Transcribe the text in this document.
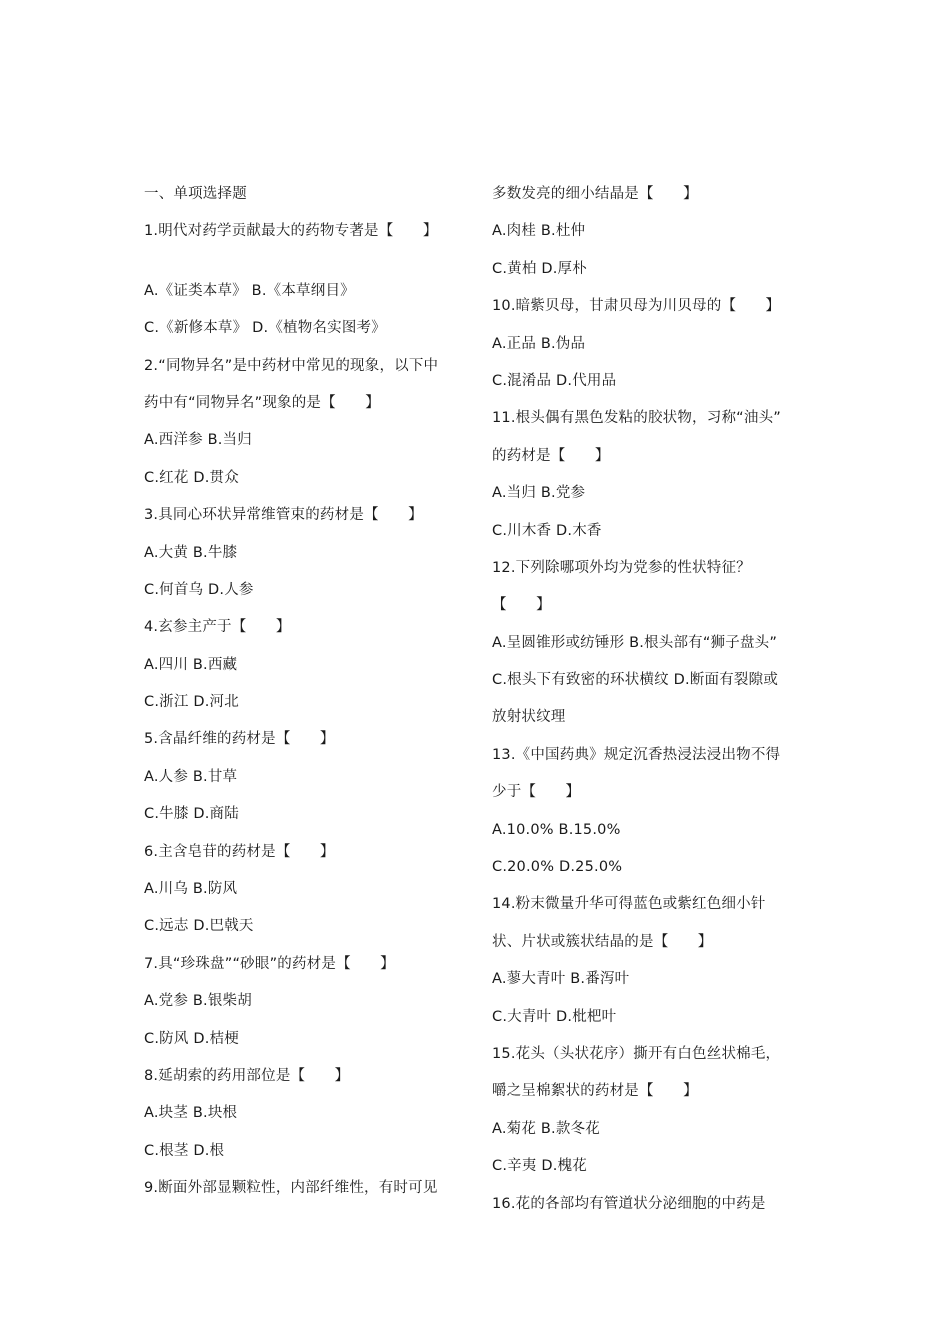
一、单项选择题
1.明代对药学贡献最大的药物专著是【　　】
A.《证类本草》 B.《本草纲目》
C.《新修本草》 D.《植物名实图考》
2.“同物异名”是中药材中常见的现象，以下中
药中有“同物异名”现象的是【　　】
A.西洋参 B.当归
C.红花 D.贯众
3.具同心环状异常维管束的药材是【　　】
A.大黄 B.牛膝
C.何首乌 D.人参
4.玄参主产于【　　】
A.四川 B.西藏
C.浙江 D.河北
5.含晶纤维的药材是【　　】
A.人参 B.甘草
C.牛膝 D.商陆
6.主含皂苷的药材是【　　】
A.川乌 B.防风
C.远志 D.巴戟天
7.具“珍珠盘”“砂眼”的药材是【　　】
A.党参 B.银柴胡
C.防风 D.桔梗
8.延胡索的药用部位是【　　】
A.块茎 B.块根
C.根茎 D.根
9.断面外部显颗粒性，内部纤维性，有时可见
多数发亮的细小结晶是【　　】
A.肉桂 B.杜仲
C.黄柏 D.厚朴
10.暗紫贝母，甘肃贝母为川贝母的【　　】
A.正品 B.伪品
C.混淆品 D.代用品
11.根头偶有黑色发粘的胶状物，习称“油头”
的药材是【　　】
A.当归 B.党参
C.川木香 D.木香
12.下列除哪项外均为党参的性状特征？
【　　】
A.呈圆锥形或纺锤形 B.根头部有“狮子盘头”
C.根头下有致密的环状横纹 D.断面有裂隙或
放射状纹理
13.《中国药典》规定沉香热浸法浸出物不得
少于【　　】
A.10.0% B.15.0%
C.20.0% D.25.0%
14.粉末微量升华可得蓝色或紫红色细小针
状、片状或簇状结晶的是【　　】
A.蓼大青叶 B.番泻叶
C.大青叶 D.枇杷叶
15.花头（头状花序）撕开有白色丝状棉毛，
嚼之呈棉絮状的药材是【　　】
A.菊花 B.款冬花
C.辛夷 D.槐花
16.花的各部均有管道状分泌细胞的中药是
